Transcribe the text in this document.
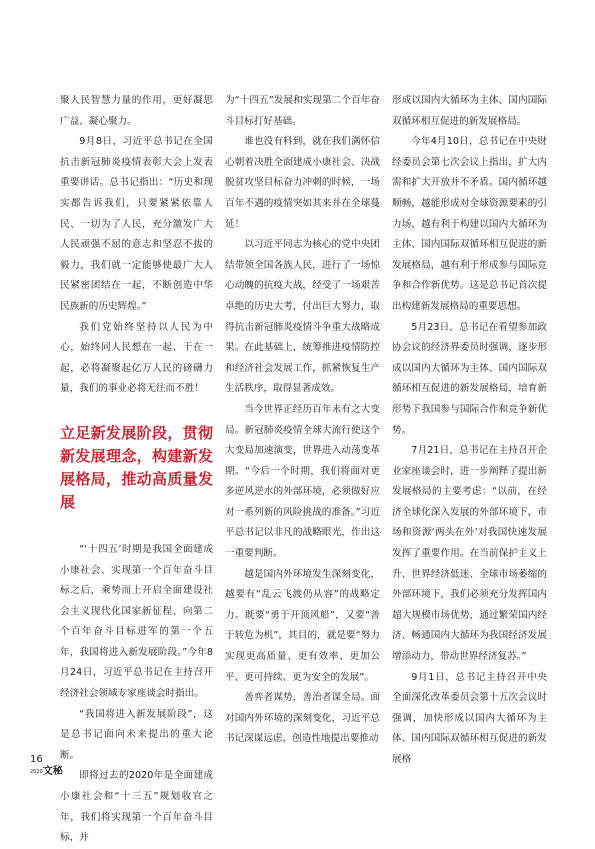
聚人民智慧力量的作用，更好凝思广益、凝心聚力。

9月8日，习近平总书记在全国抗击新冠肺炎疫情表彰大会上发表重要讲话。总书记指出：“历史和现实都告诉我们，只要紧紧依靠人民、一切为了人民，充分激发广大人民顽强不屈的意志和坚忍不拔的毅力，我们就一定能够使最广大人民紧密团结在一起，不断创造中华民族新的历史辉煌。”

我们党始终坚持以人民为中心，始终同人民想在一起、干在一起，必将凝聚起亿万人民的磅礴力量，我们的事业必将无往而不胜！

立足新发展阶段，贯彻新发展理念，构建新发展格局，推动高质量发展

“‘十四五’时期是我国全面建成小康社会、实现第一个百年奋斗目标之后，乘势而上开启全面建设社会主义现代化国家新征程、向第二个百年奋斗目标进军的第一个五年，我国将进入新发展阶段。”今年8月24日，习近平总书记在主持召开经济社会领域专家座谈会时指出。

“我国将进入新发展阶段”，这是总书记面向未来提出的重大论断。

即将过去的2020年是全面建成小康社会和“十三五”规划收官之年，我们将实现第一个百年奋斗目标，并

为“十四五”发展和实现第二个百年奋斗目标打好基础。

谁也没有料到，就在我们满怀信心朝着决胜全面建成小康社会、决战脱贫攻坚目标奋力冲刺的时候，一场百年不遇的疫情突如其来并在全球蔓延！

以习近平同志为核心的党中央团结带领全国各族人民，进行了一场惊心动魄的抗疫大战，经受了一场艰苦卓绝的历史大考，付出巨大努力，取得抗击新冠肺炎疫情斗争重大战略成果。在此基础上，统筹推进疫情防控和经济社会发展工作，抓紧恢复生产生活秩序，取得显著成效。

当今世界正经历百年未有之大变局。新冠肺炎疫情全球大流行使这个大变局加速演变，世界进入动荡变革期。“今后一个时期，我们将面对更多逆风逆水的外部环境，必须做好应对一系列新的风险挑战的准备。”习近平总书记以非凡的战略眼光，作出这一重要判断。

越是国内外环境发生深刻变化，越要有“乱云飞渡仍从容”的战略定力。既要“勇于开顶风船”，又要“善于转危为机”，其目的，就是要“努力实现更高质量、更有效率、更加公平、更可持续、更为安全的发展”。

善弈者谋势，善治者谋全局。面对国内外环境的深刻变化，习近平总书记深谋远虑，创造性地提出要推动

形成以国内大循环为主体、国内国际双循环相互促进的新发展格局。

今年4月10日，总书记在中央财经委员会第七次会议上指出，扩大内需和扩大开放并不矛盾。国内循环越顺畅，越能形成对全球资源要素的引力场，越有利于构建以国内大循环为主体、国内国际双循环相互促进的新发展格局，越有利于形成参与国际竞争和合作新优势。这是总书记首次提出构建新发展格局的重要思想。

5月23日，总书记在看望参加政协会议的经济界委员时强调，逐步形成以国内大循环为主体、国内国际双循环相互促进的新发展格局，培育新形势下我国参与国际合作和竞争新优势。

7月21日，总书记在主持召开企业家座谈会时，进一步阐释了提出新发展格局的主要考虑：“以前，在经济全球化深入发展的外部环境下，市场和资源‘两头在外’对我国快速发展发挥了重要作用。在当前保护主义上升、世界经济低迷、全球市场萎缩的外部环境下，我们必须充分发挥国内超大规模市场优势，通过繁荣国内经济、畅通国内大循环为我国经济发展增添动力，带动世界经济复苏。”

9月1日，总书记主持召开中央全面深化改革委员会第十五次会议时强调，加快形成以国内大循环为主体、国内国际双循环相互促进的新发展格

16
$^{2020}$文秘
